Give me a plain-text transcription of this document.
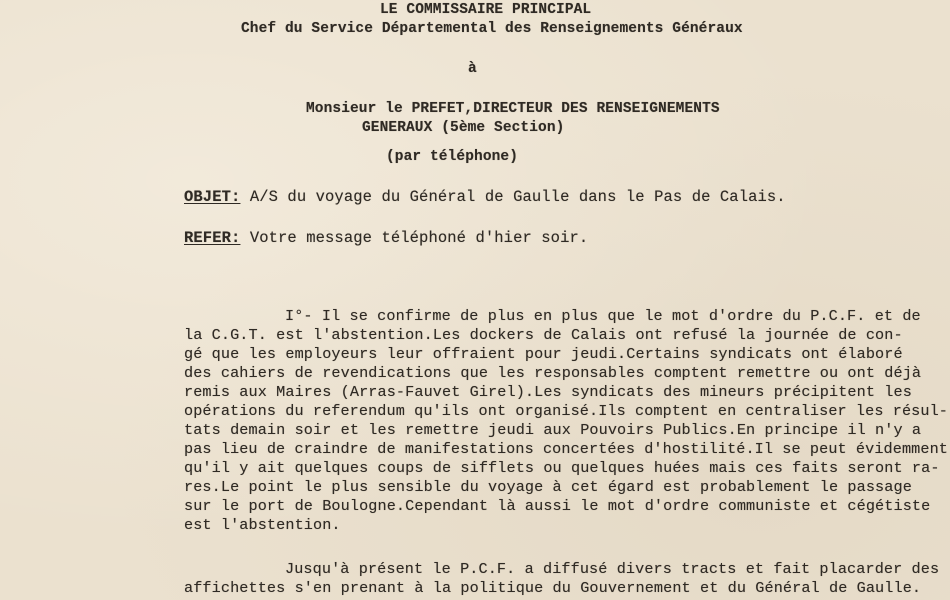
LE COMMISSAIRE PRINCIPAL
Chef du Service Départemental des Renseignements Généraux
à
Monsieur le PREFET,DIRECTEUR DES RENSEIGNEMENTS
GENERAUX (5ème Section)
(par téléphone)
OBJET: A/S du voyage du Général de Gaulle dans le Pas de Calais.
REFER: Votre message téléphoné d'hier soir.
I°- Il se confirme de plus en plus que le mot d'ordre du P.C.F. et de
la C.G.T. est l'abstention.Les dockers de Calais ont refusé la journée de con-
gé que les employeurs leur offraient pour jeudi.Certains syndicats ont élaboré
des cahiers de revendications que les responsables comptent remettre ou ont déjà
remis aux Maires (Arras-Fauvet Girel).Les syndicats des mineurs précipitent les
opérations du referendum qu'ils ont organisé.Ils comptent en centraliser les résul-
tats demain soir et les remettre jeudi aux Pouvoirs Publics.En principe il n'y a
pas lieu de craindre de manifestations concertées d'hostilité.Il se peut évidemment
qu'il y ait quelques coups de sifflets ou quelques huées mais ces faits seront ra-
res.Le point le plus sensible du voyage à cet égard est probablement le passage
sur le port de Boulogne.Cependant là aussi le mot d'ordre communiste et cégétiste
est l'abstention.
Jusqu'à présent le P.C.F. a diffusé divers tracts et fait placarder des
affichettes s'en prenant à la politique du Gouvernement et du Général de Gaulle.
